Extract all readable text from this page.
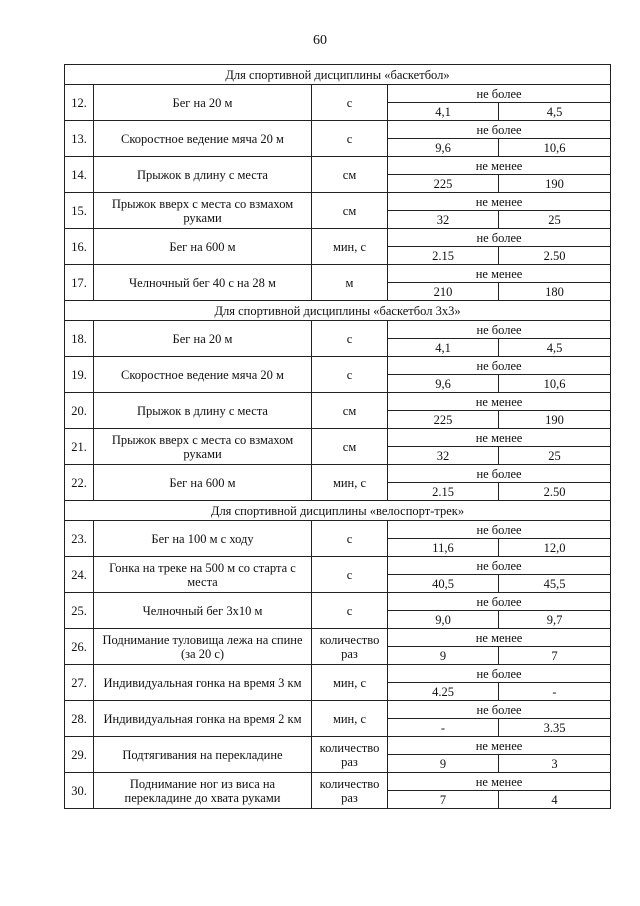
60
Для спортивной дисциплины «баскетбол»				
12.	Бег на 20 м	с	не более	
			4,1	4,5
13.	Скоростное ведение мяча 20 м	с	не более	
			9,6	10,6
14.	Прыжок в длину с места	см	не менее	
			225	190
15.	Прыжок вверх с места со взмахом руками	см	не менее	
			32	25
16.	Бег на 600 м	мин, с	не более	
			2.15	2.50
17.	Челночный бег 40 с на 28 м	м	не менее	
			210	180
Для спортивной дисциплины «баскетбол 3х3»				
18.	Бег на 20 м	с	не более	
			4,1	4,5
19.	Скоростное ведение мяча 20 м	с	не более	
			9,6	10,6
20.	Прыжок в длину с места	см	не менее	
			225	190
21.	Прыжок вверх с места со взмахом руками	см	не менее	
			32	25
22.	Бег на 600 м	мин, с	не более	
			2.15	2.50
Для спортивной дисциплины «велоспорт-трек»				
23.	Бег на 100 м с ходу	с	не более	
			11,6	12,0
24.	Гонка на треке на 500 м со старта с места	с	не более	
			40,5	45,5
25.	Челночный бег 3х10 м	с	не более	
			9,0	9,7
26.	Поднимание туловища лежа на спине (за 20 с)	количество раз	не менее	
			9	7
27.	Индивидуальная гонка на время 3 км	мин, с	не более	
			4.25	-
28.	Индивидуальная гонка на время 2 км	мин, с	не более	
			-	3.35
29.	Подтягивания на перекладине	количество раз	не менее	
			9	3
30.	Поднимание ног из виса на перекладине до хвата руками	количество раз	не менее	
			7	4
